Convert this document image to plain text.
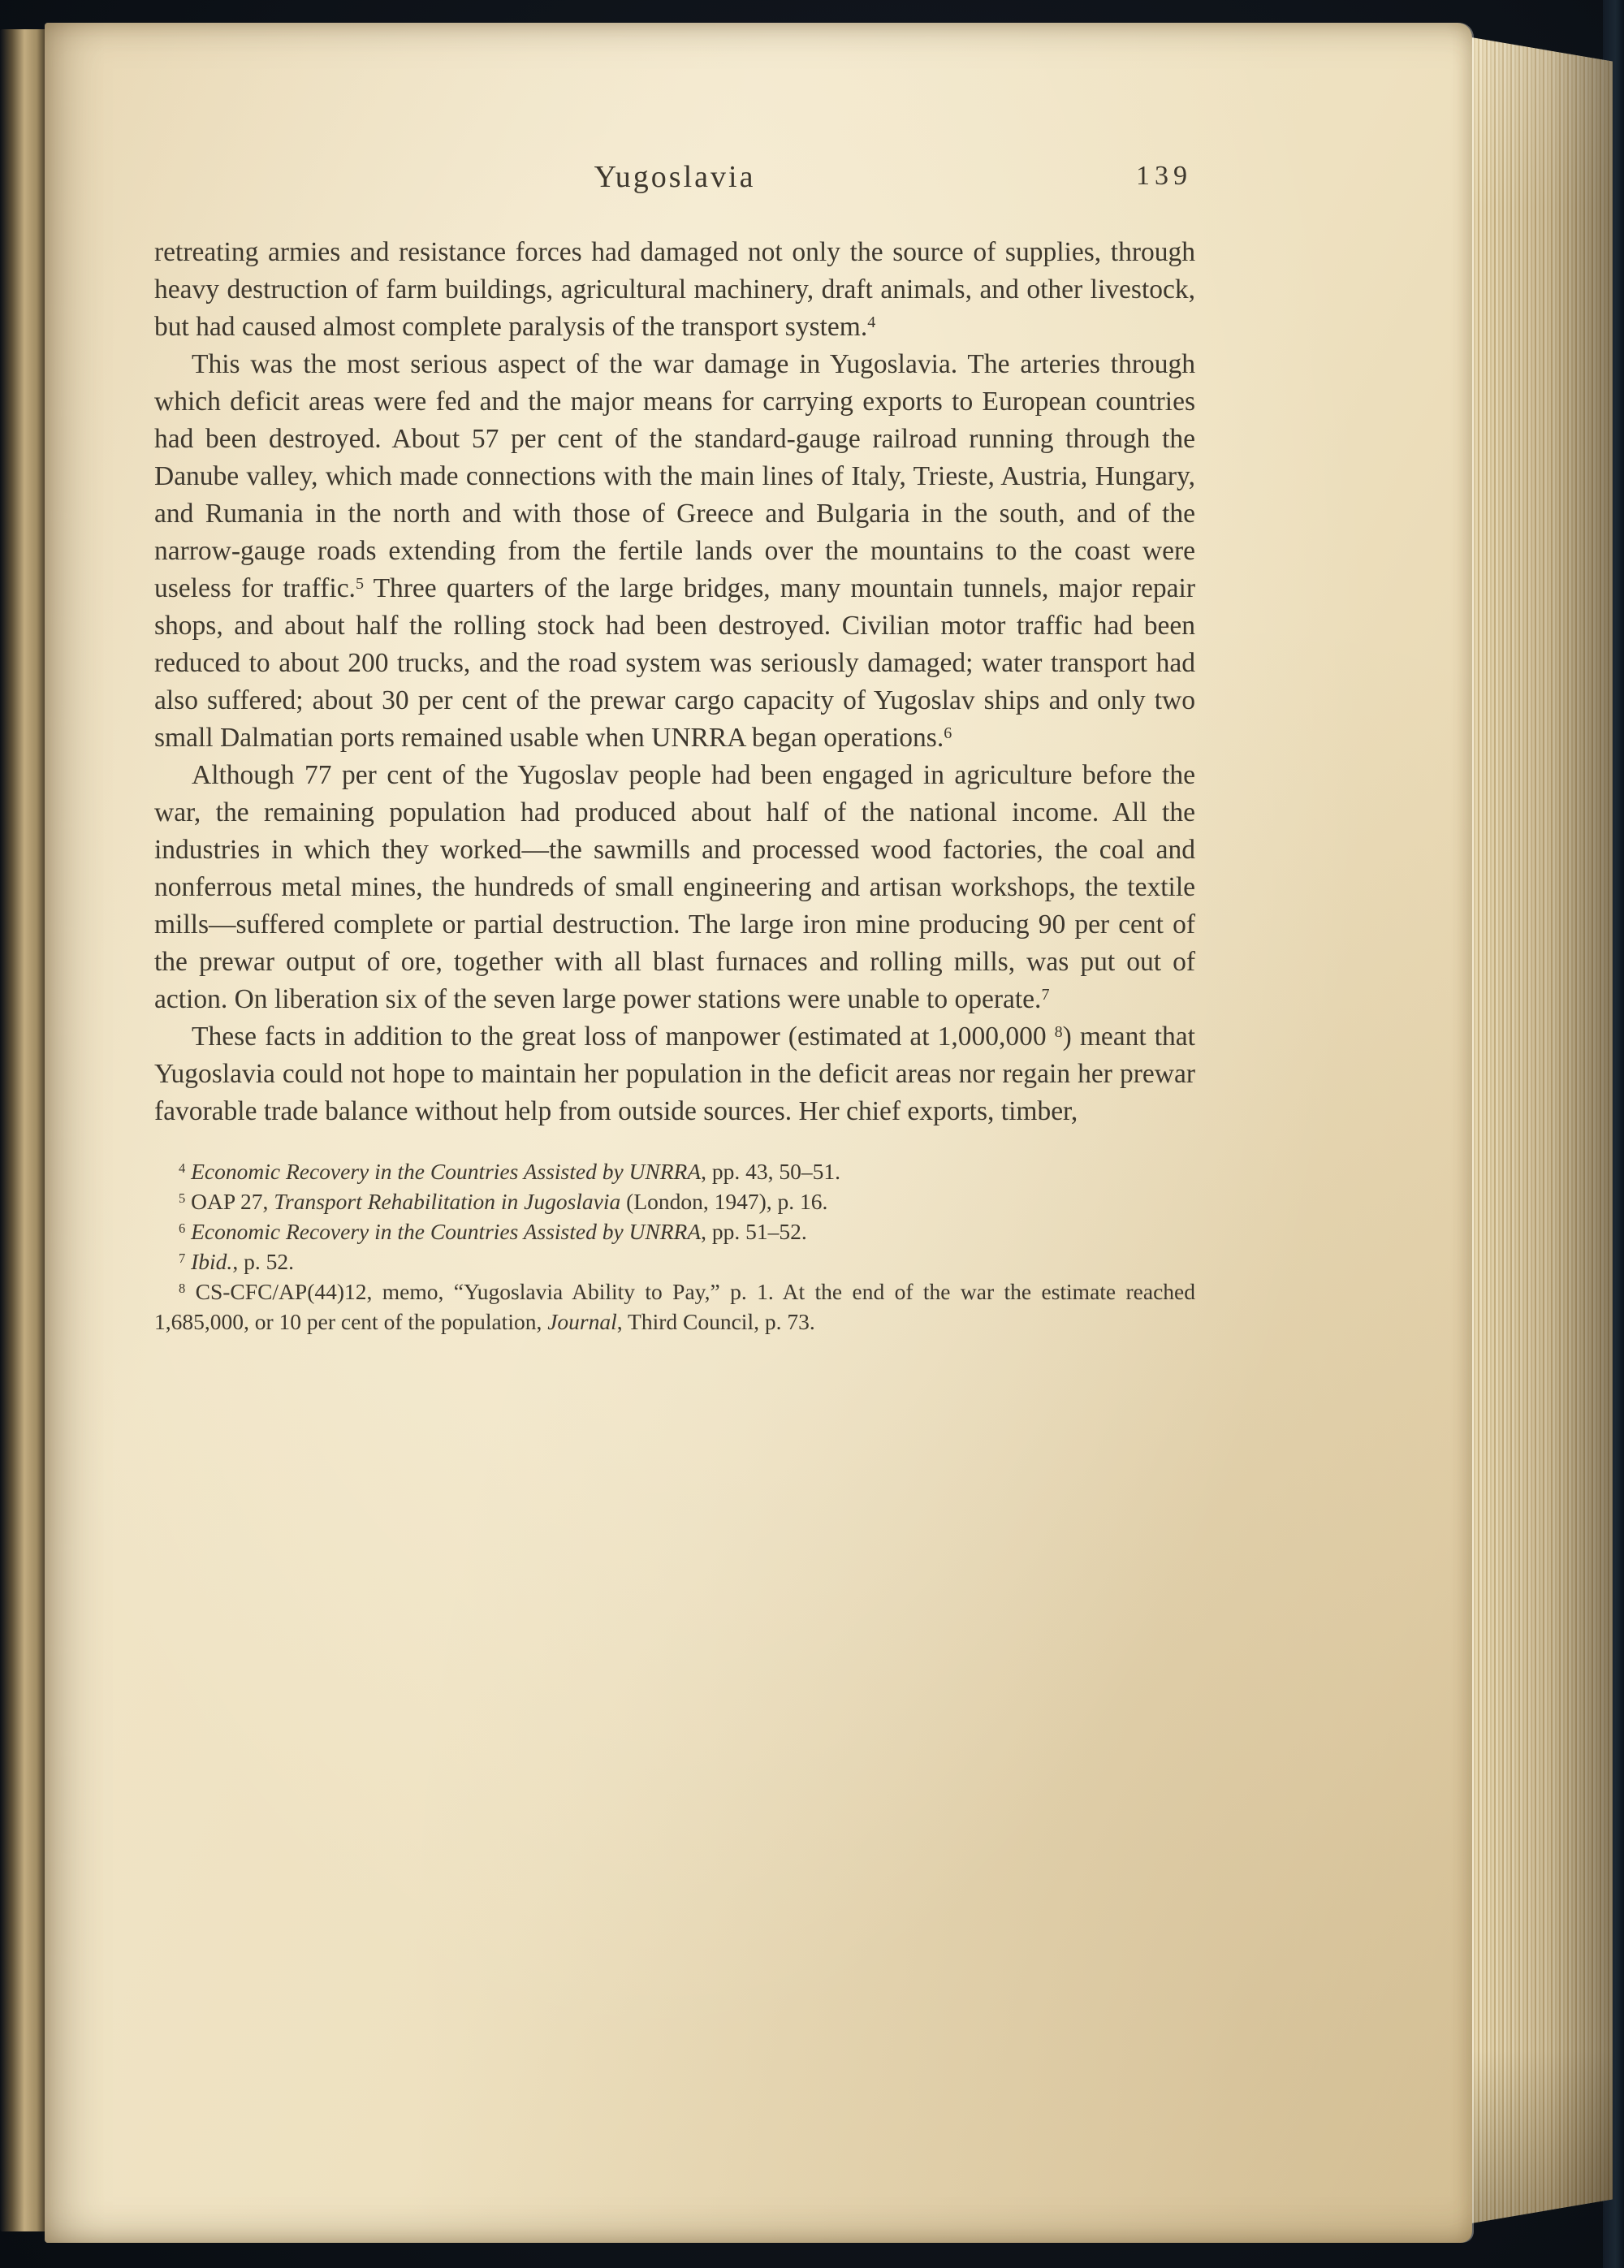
Yugoslavia	139

retreating armies and resistance forces had damaged not only the source of supplies, through heavy destruction of farm buildings, agricultural machinery, draft animals, and other livestock, but had caused almost complete paralysis of the transport system.$^4$

This was the most serious aspect of the war damage in Yugoslavia. The arteries through which deficit areas were fed and the major means for carrying exports to European countries had been destroyed. About 57 per cent of the standard-gauge railroad running through the Danube valley, which made connections with the main lines of Italy, Trieste, Austria, Hungary, and Rumania in the north and with those of Greece and Bulgaria in the south, and of the narrow-gauge roads extending from the fertile lands over the mountains to the coast were useless for traffic.$^5$ Three quarters of the large bridges, many mountain tunnels, major repair shops, and about half the rolling stock had been destroyed. Civilian motor traffic had been reduced to about 200 trucks, and the road system was seriously damaged; water transport had also suffered; about 30 per cent of the prewar cargo capacity of Yugoslav ships and only two small Dalmatian ports remained usable when UNRRA began operations.$^6$

Although 77 per cent of the Yugoslav people had been engaged in agriculture before the war, the remaining population had produced about half of the national income. All the industries in which they worked—the sawmills and processed wood factories, the coal and nonferrous metal mines, the hundreds of small engineering and artisan workshops, the textile mills—suffered complete or partial destruction. The large iron mine producing 90 per cent of the prewar output of ore, together with all blast furnaces and rolling mills, was put out of action. On liberation six of the seven large power stations were unable to operate.$^7$

These facts in addition to the great loss of manpower (estimated at 1,000,000 $^8$) meant that Yugoslavia could not hope to maintain her population in the deficit areas nor regain her prewar favorable trade balance without help from outside sources. Her chief exports, timber,

$^4$ Economic Recovery in the Countries Assisted by UNRRA, pp. 43, 50–51.

$^5$ OAP 27, Transport Rehabilitation in Jugoslavia (London, 1947), p. 16.

$^6$ Economic Recovery in the Countries Assisted by UNRRA, pp. 51–52.

$^7$ Ibid., p. 52.

$^8$ CS-CFC/AP(44)12, memo, “Yugoslavia Ability to Pay,” p. 1. At the end of the war the estimate reached 1,685,000, or 10 per cent of the population, Journal, Third Council, p. 73.
